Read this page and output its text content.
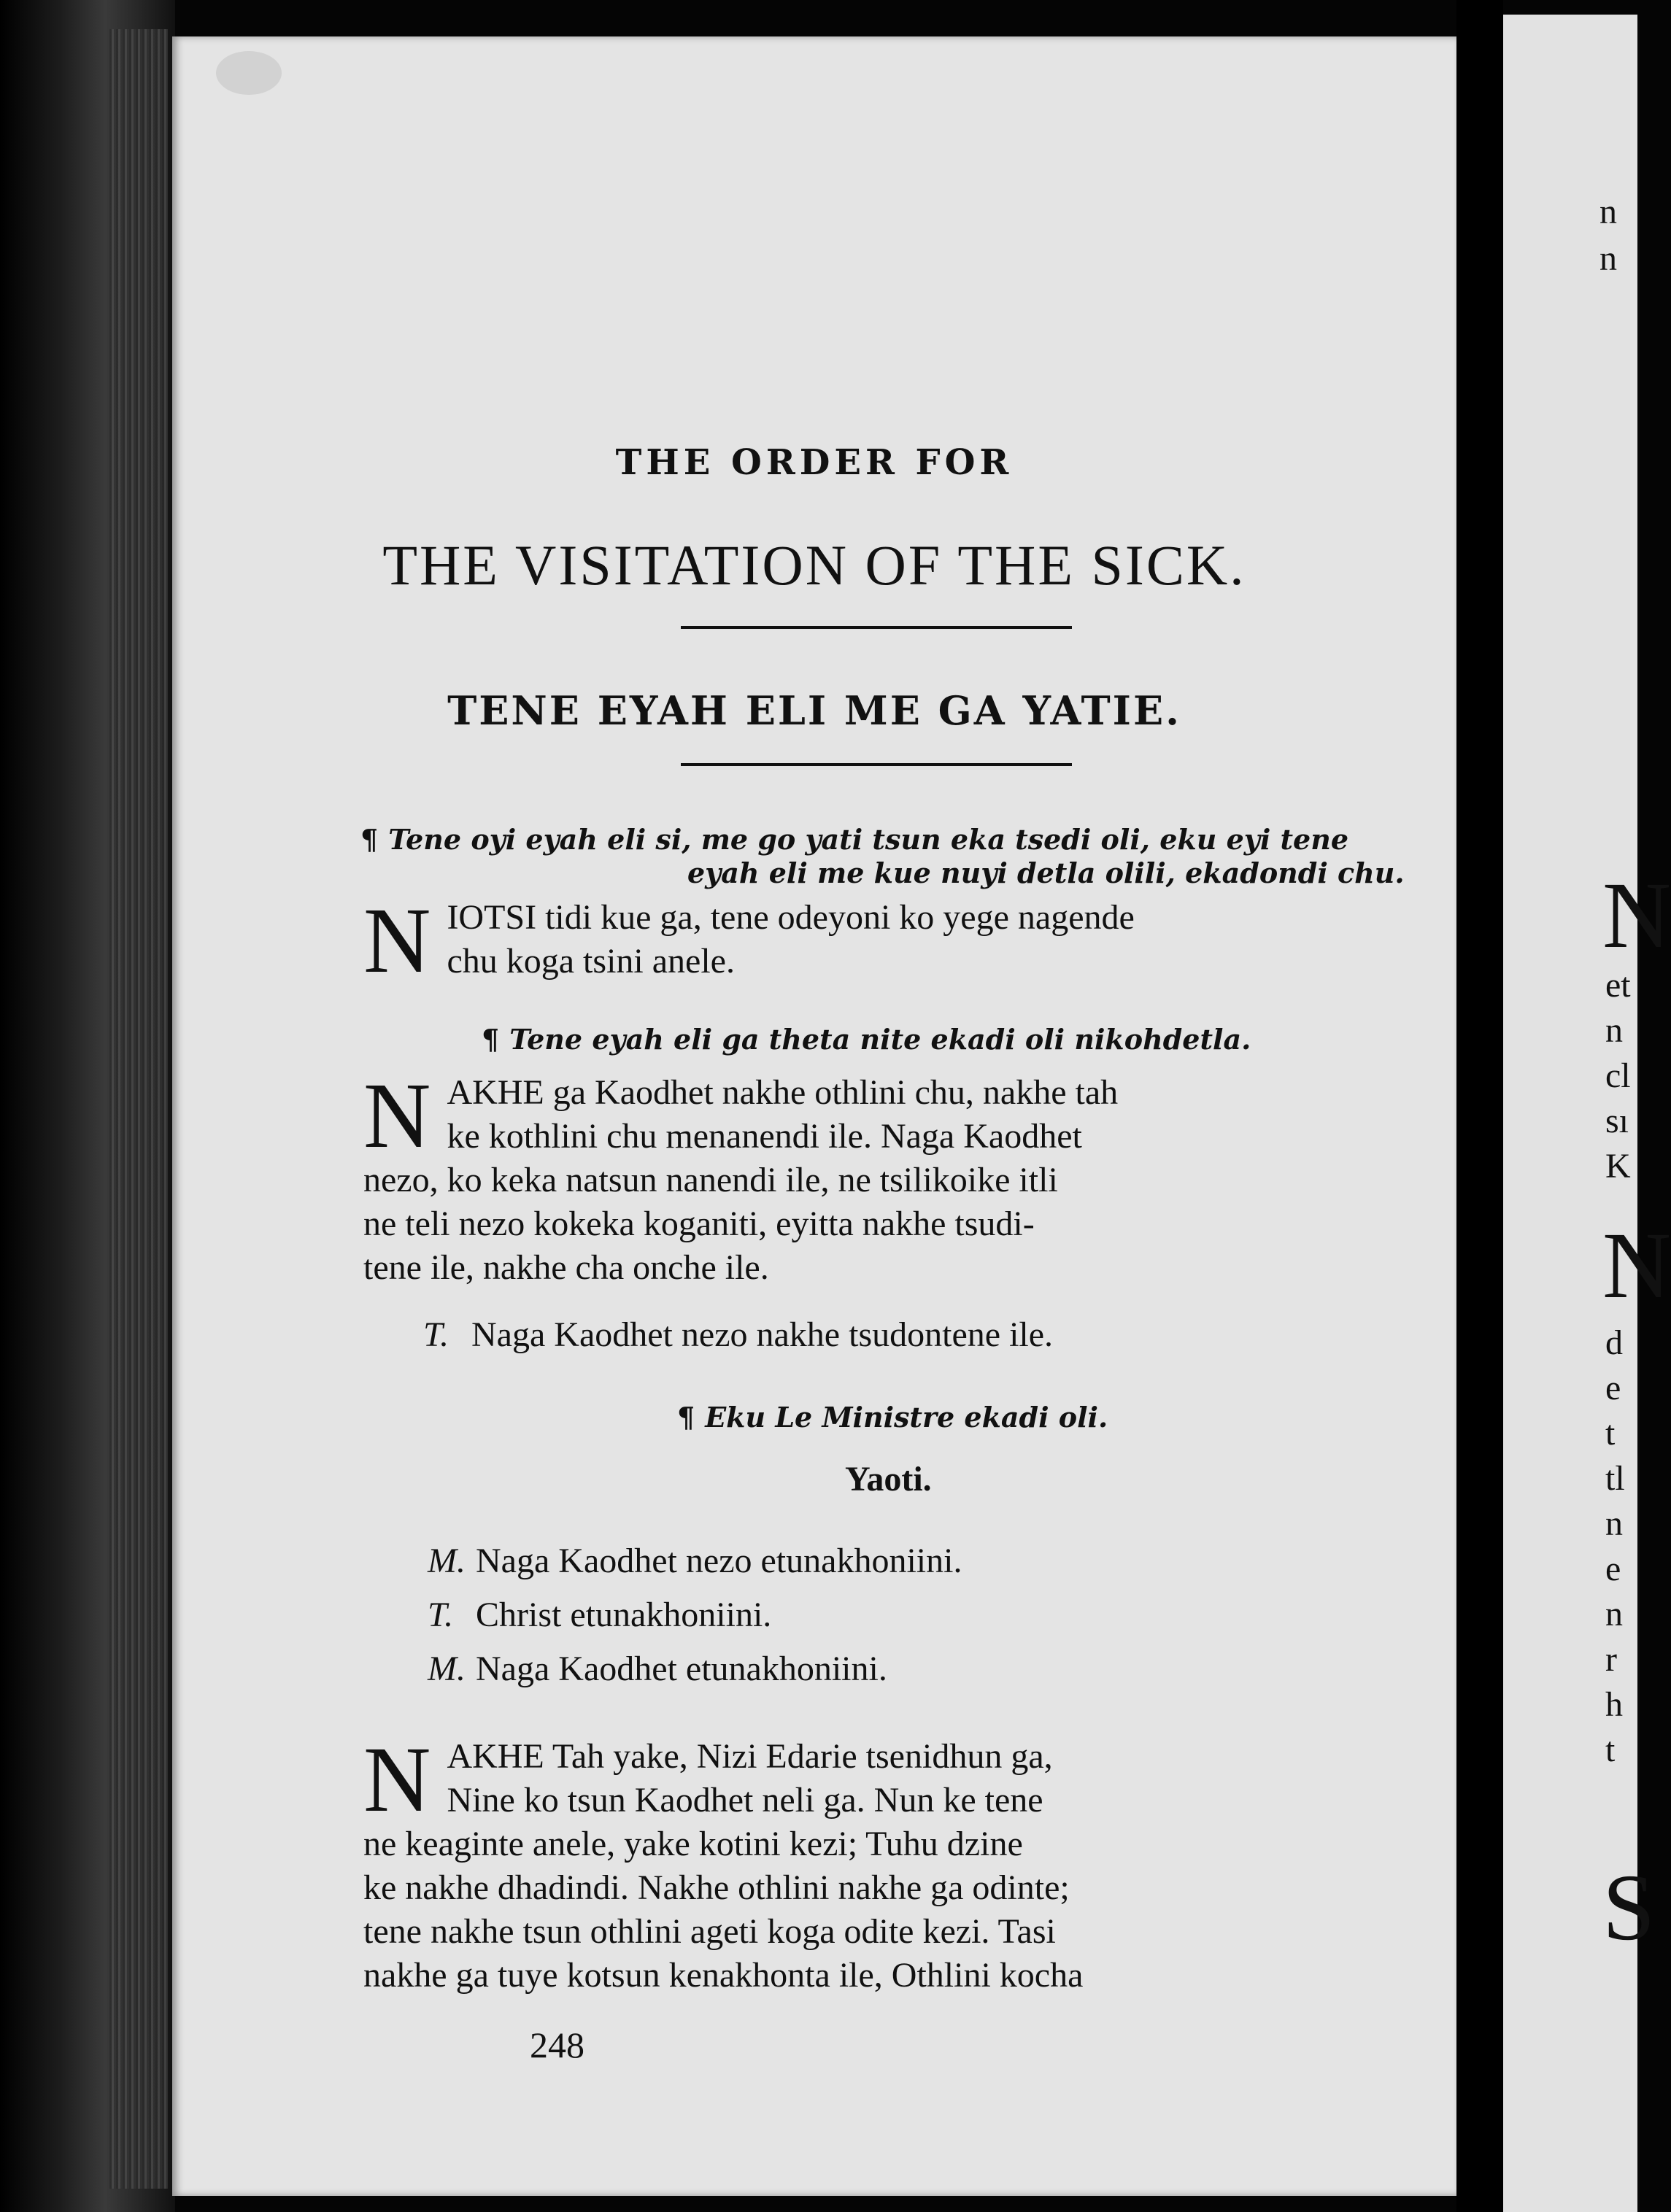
THE ORDER FOR
THE VISITATION OF THE SICK.
TENE EYAH ELI ME GA YATIE.
¶ Tene oyi eyah eli si, me go yati tsun eka tsedi oli, eku eyi tene
eyah eli me kue nuyi detla olili, ekadondi chu.
N IOTSI tidi kue ga, tene odeyoni ko yege nagende
chu koga tsini anele.
¶ Tene eyah eli ga theta nite ekadi oli nikohdetla.
N AKHE ga Kaodhet nakhe othlini chu, nakhe tah
ke kothlini chu menanendi ile. Naga Kaodhet
nezo, ko keka natsun nanendi ile, ne tsilikoike itli
ne teli nezo kokeka koganiti, eyitta nakhe tsudi-
tene ile, nakhe cha onche ile.
T. Naga Kaodhet nezo nakhe tsudontene ile.
¶ Eku Le Ministre ekadi oli.
Yaoti.
M. Naga Kaodhet nezo etunakhoniini.
T. Christ etunakhoniini.
M. Naga Kaodhet etunakhoniini.
N AKHE Tah yake, Nizi Edarie tsenidhun ga,
Nine ko tsun Kaodhet neli ga. Nun ke tene
ne keaginte anele, yake kotini kezi; Tuhu dzine
ke nakhe dhadindi. Nakhe othlini nakhe ga odinte;
tene nakhe tsun othlini ageti koga odite kezi. Tasi
nakhe ga tuye kotsun kenakhonta ile, Othlini kocha
248
n
n
N
et
n
cl
sı
K
N
d
e
t
tl
n
e
n
r
h
t
S
